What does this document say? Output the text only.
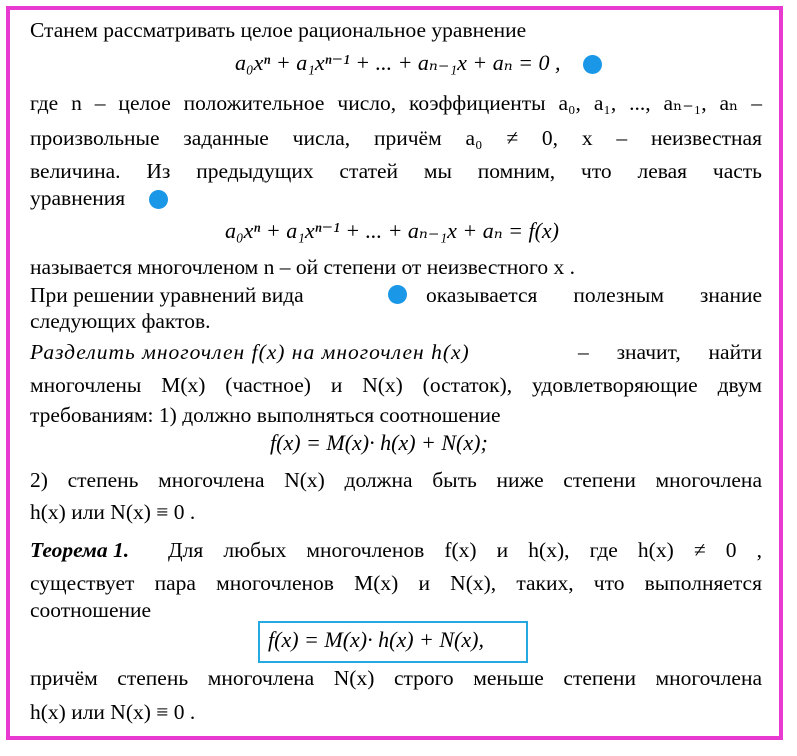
Станем рассматривать целое рациональное уравнение
a₀xⁿ + a₁xⁿ⁻¹ + ... + aₙ₋₁x + aₙ = 0 ,
где n – целое положительное число, коэффициенты a₀, a₁, ..., aₙ₋₁, aₙ –
произвольные заданные числа, причём a₀ ≠ 0, x – неизвестная
величина. Из предыдущих статей мы помним, что левая часть
уравнения
a₀xⁿ + a₁xⁿ⁻¹ + ... + aₙ₋₁x + aₙ = f(x)
называется многочленом n – ой степени от неизвестного x .
При решении уравнений вида	оказывается полезным знание
следующих фактов.
Разделить многочлен f(x) на многочлен h(x)	– значит, найти
многочлены M(x) (частное) и N(x) (остаток), удовлетворяющие двум
требованиям: 1) должно выполняться соотношение
f(x) = M(x)· h(x) + N(x);
2) степень многочлена N(x) должна быть ниже степени многочлена
h(x) или N(x) ≡ 0 .
Теорема 1. Для любых многочленов f(x) и h(x), где h(x) ≠ 0 ,
существует пара многочленов M(x) и N(x), таких, что выполняется
соотношение
f(x) = M(x)· h(x) + N(x),
причём степень многочлена N(x) строго меньше степени многочлена
h(x) или N(x) ≡ 0 .
